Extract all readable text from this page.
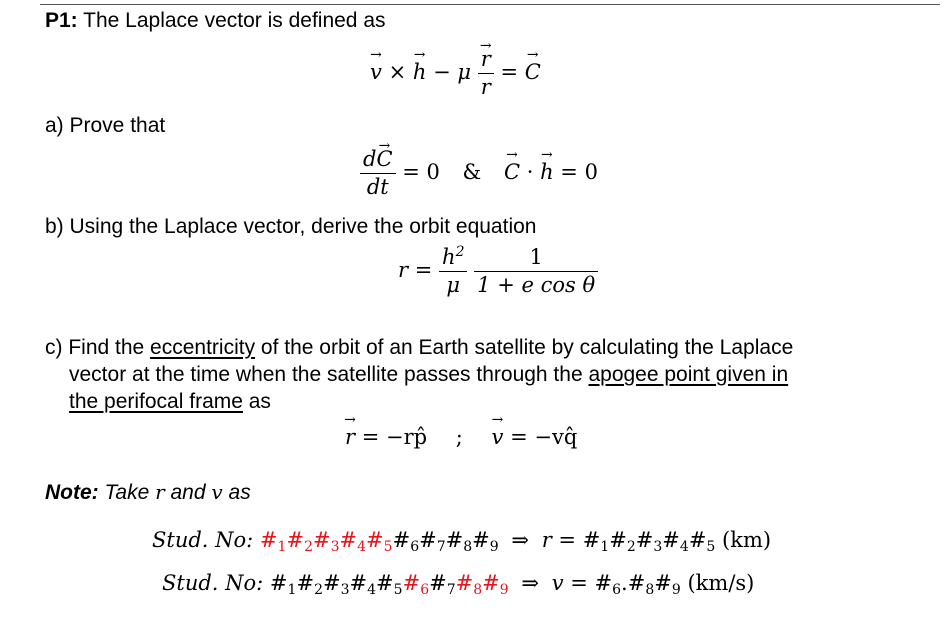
P1: The Laplace vector is defined as
v → × h → − μ $\frac{r \to}{r} = C$ →
a) Prove that
$\frac{dC \to}{dt} = 0$ & C → · h → = 0
b) Using the Laplace vector, derive the orbit equation
$r = \frac{h^2}{\mu}$
$\frac{1}{\text{1 + e cos θ}}$
c) Find the eccentricity of the orbit of an Earth satellite by calculating the Laplace
vector at the time when the satellite passes through the apogee point given in
the perifocal frame as
r → = −rp̂ ; v → = −vq̂
Note: Take r and v as
Stud. No: $\#_1\#_2\#_3\#_4\#_5\#_6\#_7\#_8\#_9$ ⇒ $r = \#_1\#_2\#_3\#_4\#_5$ (km)
Stud. No: $\#_1\#_2\#_3\#_4\#_5\#_6\#_7\#_8\#_9$ ⇒ $v = \#_6.\#_8\#_9$ (km/s)
